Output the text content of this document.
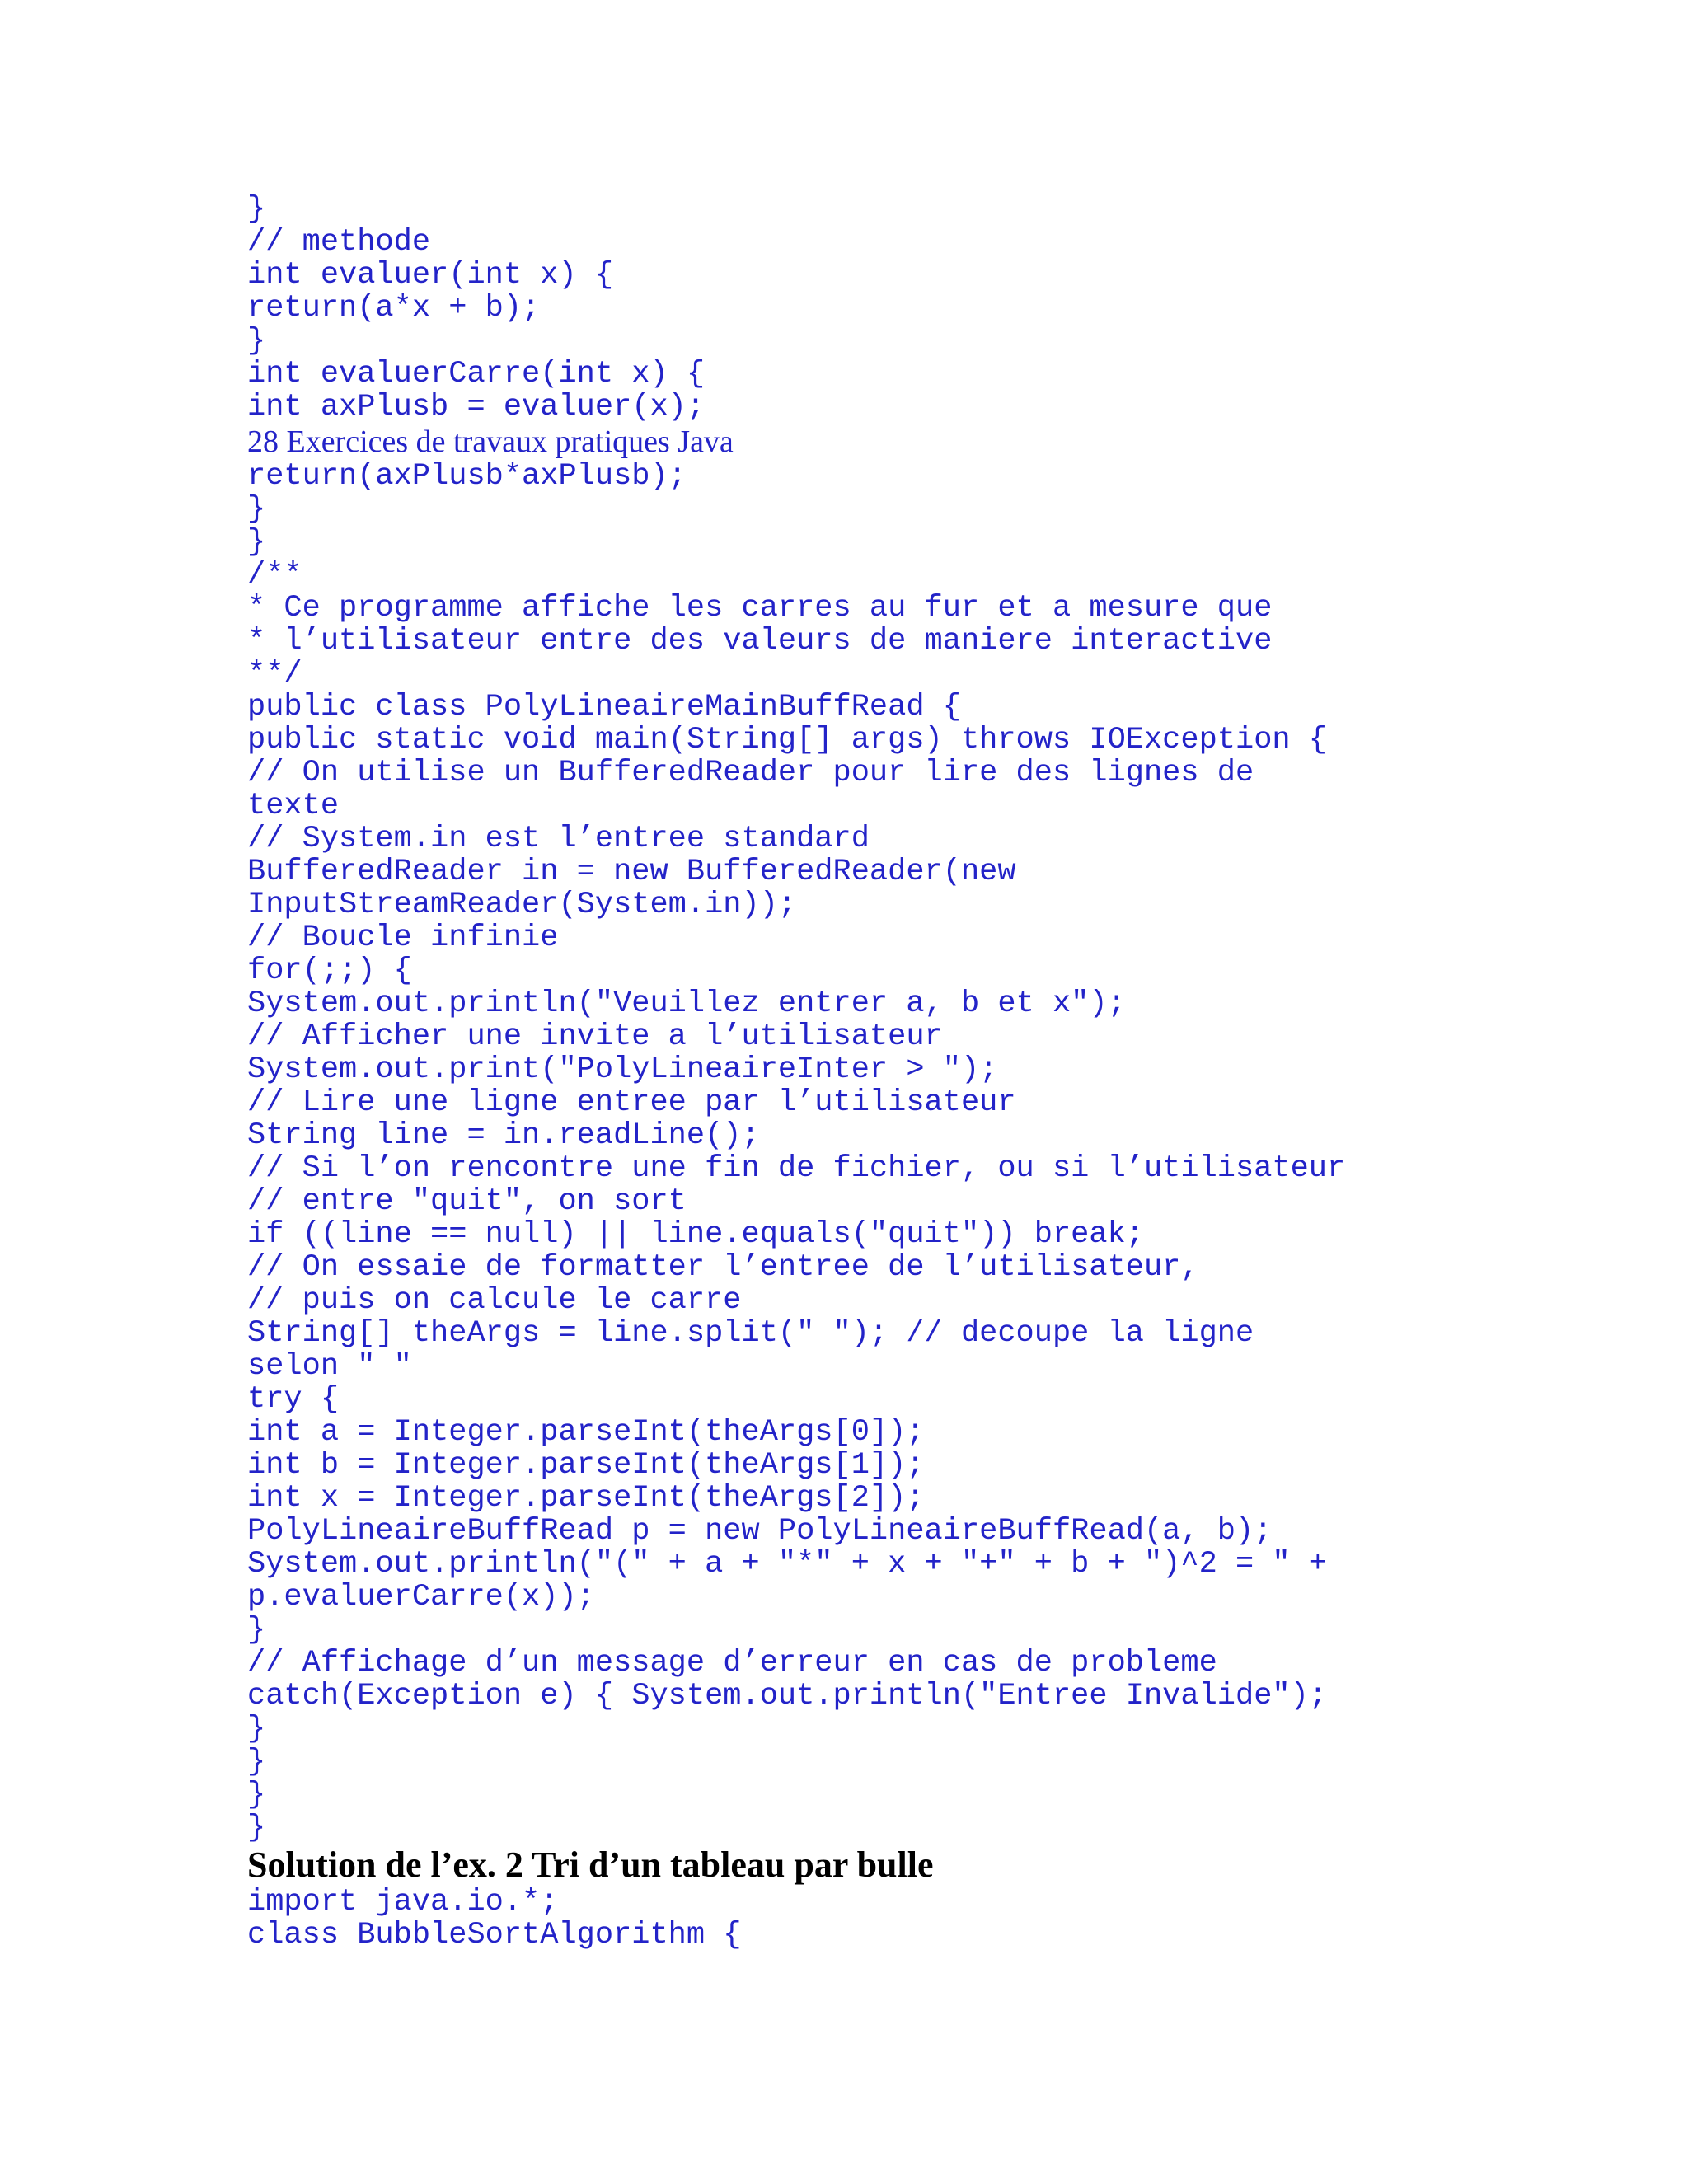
}
// methode
int evaluer(int x) {
return(a*x + b);
}
int evaluerCarre(int x) {
int axPlusb = evaluer(x);
28 Exercices de travaux pratiques Java
return(axPlusb*axPlusb);
}
}
/**
* Ce programme affiche les carres au fur et a mesure que
* l’utilisateur entre des valeurs de maniere interactive
**/
public class PolyLineaireMainBuffRead {
public static void main(String[] args) throws IOException {
// On utilise un BufferedReader pour lire des lignes de
texte
// System.in est l’entree standard
BufferedReader in = new BufferedReader(new
InputStreamReader(System.in));
// Boucle infinie
for(;;) {
System.out.println("Veuillez entrer a, b et x");
// Afficher une invite a l’utilisateur
System.out.print("PolyLineaireInter > ");
// Lire une ligne entree par l’utilisateur
String line = in.readLine();
// Si l’on rencontre une fin de fichier, ou si l’utilisateur
// entre "quit", on sort
if ((line == null) || line.equals("quit")) break;
// On essaie de formatter l’entree de l’utilisateur,
// puis on calcule le carre
String[] theArgs = line.split(" "); // decoupe la ligne
selon " "
try {
int a = Integer.parseInt(theArgs[0]);
int b = Integer.parseInt(theArgs[1]);
int x = Integer.parseInt(theArgs[2]);
PolyLineaireBuffRead p = new PolyLineaireBuffRead(a, b);
System.out.println("(" + a + "*" + x + "+" + b + ")^2 = " +
p.evaluerCarre(x));
}
// Affichage d’un message d’erreur en cas de probleme
catch(Exception e) { System.out.println("Entree Invalide");
}
}
}
}
Solution de l’ex. 2 Tri d’un tableau par bulle
import java.io.*;
class BubbleSortAlgorithm {
